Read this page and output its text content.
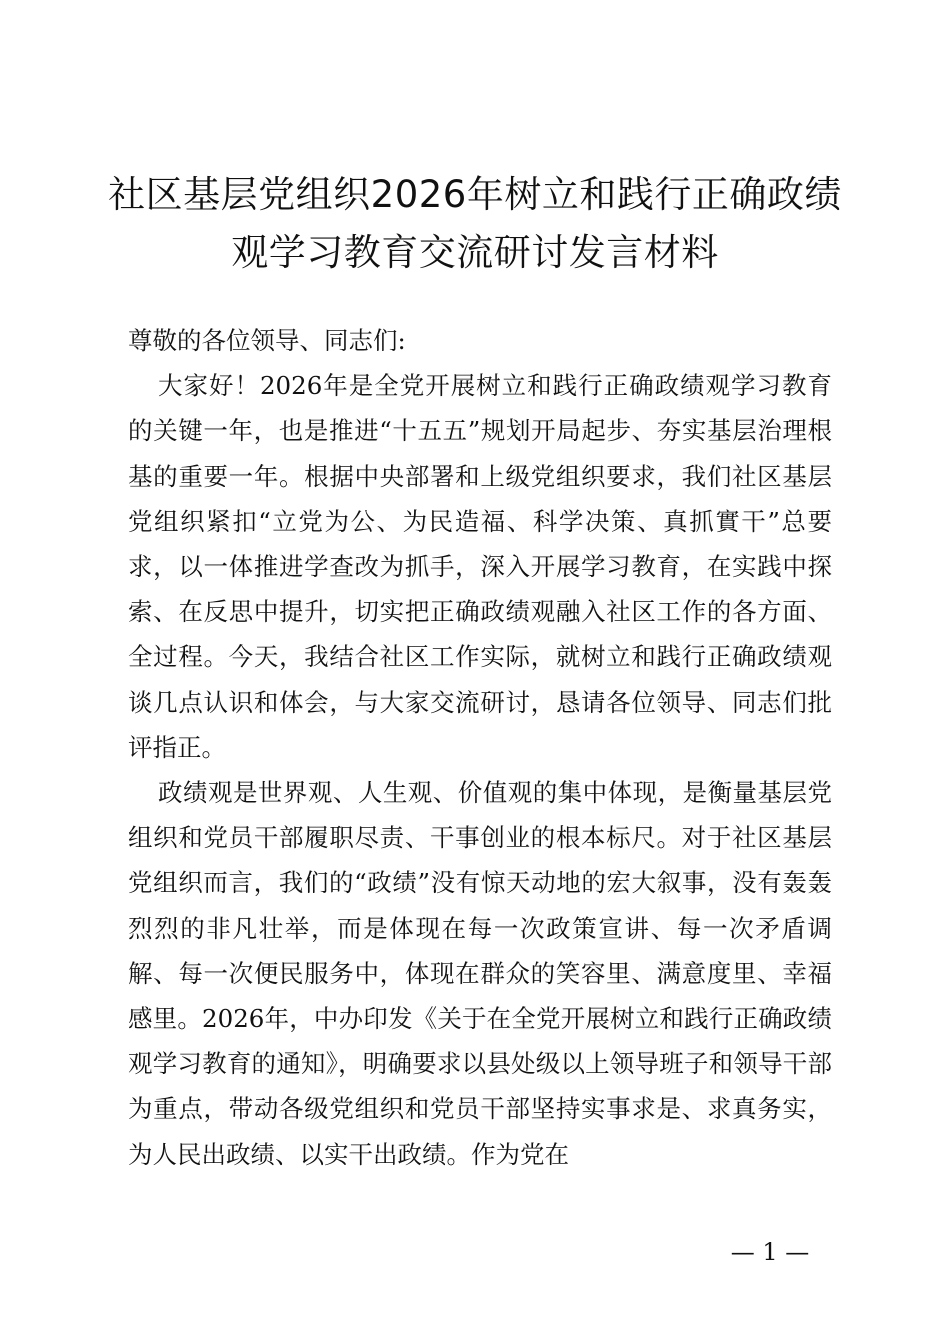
社区基层党组织2026年树立和践行正确政绩
观学习教育交流研讨发言材料

尊敬的各位领导、同志们:

大家好！2026年是全党开展树立和践行正确政绩观学习教育的关键一年，也是推进“十五五”规划开局起步、夯实基层治理根基的重要一年。根据中央部署和上级党组织要求，我们社区基层党组织紧扣“立党为公、为民造福、科学决策、真抓實干”总要求，以一体推进学查改为抓手，深入开展学习教育，在实践中探索、在反思中提升，切实把正确政绩观融入社区工作的各方面、全过程。今天，我结合社区工作实际，就树立和践行正确政绩观谈几点认识和体会，与大家交流研讨，恳请各位领导、同志们批评指正。

政绩观是世界观、人生观、价值观的集中体现，是衡量基层党组织和党员干部履职尽责、干事创业的根本标尺。对于社区基层党组织而言，我们的“政绩”没有惊天动地的宏大叙事，没有轰轰烈烈的非凡壮举，而是体现在每一次政策宣讲、每一次矛盾调解、每一次便民服务中，体现在群众的笑容里、满意度里、幸福感里。2026年，中办印发《关于在全党开展树立和践行正确政绩观学习教育的通知》，明确要求以县处级以上领导班子和领导干部为重点，带动各级党组织和党员干部坚持实事求是、求真务实，为人民出政绩、以实干出政绩。作为党在

— 1 —
